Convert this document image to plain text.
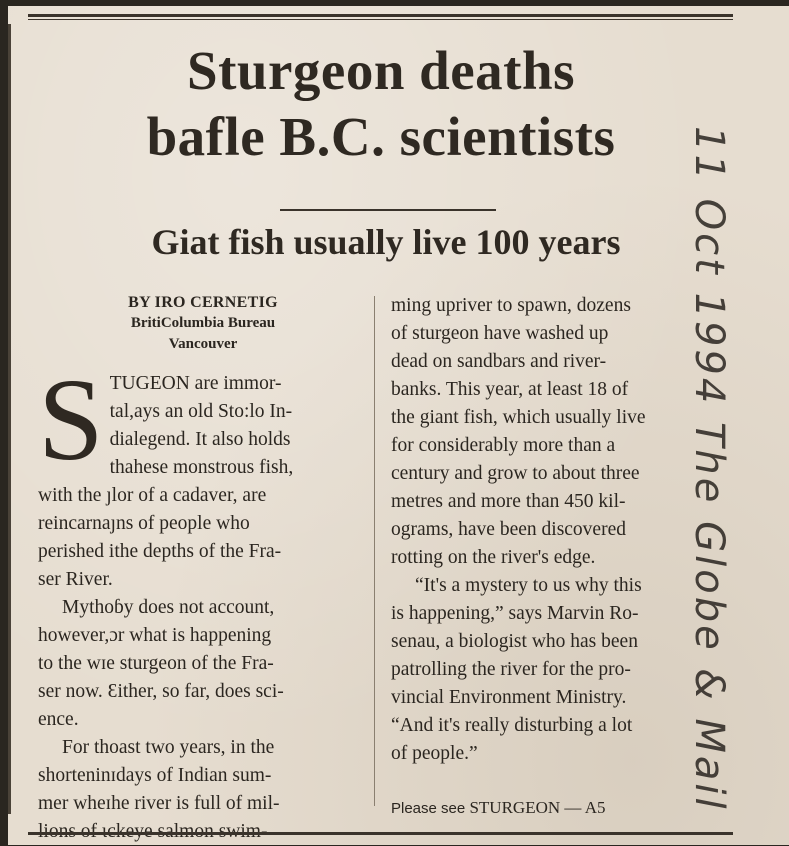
Sturgeon deaths
bafle B.C. scientists
Giat fish usually live 100 years
BY IRO CERNETIG
BritiColumbia Bureau
Vancouver
S TUGEON are immor-
tal,ays an old Sto:lo In-
dialegend. It also holds
thahese monstrous fish,
with the ȷlor of a cadaver, are
reincarnaȷns of people who
perished ithe depths of the Fra-
ser River.
Mythoɓy does not account,
however,ɔr what is happening
to the wɪe sturgeon of the Fra-
ser now. Ɛither, so far, does sci-
ence.
For thoast two years, in the
shorteninɪdays of Indian sum-
mer wheɪhe river is full of mil-
ming upriver to spawn, dozens
of sturgeon have washed up
dead on sandbars and river-
banks. This year, at least 18 of
the giant fish, which usually live
for considerably more than a
century and grow to about three
metres and more than 450 kil-
ograms, have been discovered
rotting on the river's edge.
“It's a mystery to us why this
is happening,” says Marvin Ro-
senau, a biologist who has been
patrolling the river for the pro-
vincial Environment Ministry.
“And it's really disturbing a lot
of people.”
Please see STURGEON — A5	11 Oct 1994 The Globe & Mail
